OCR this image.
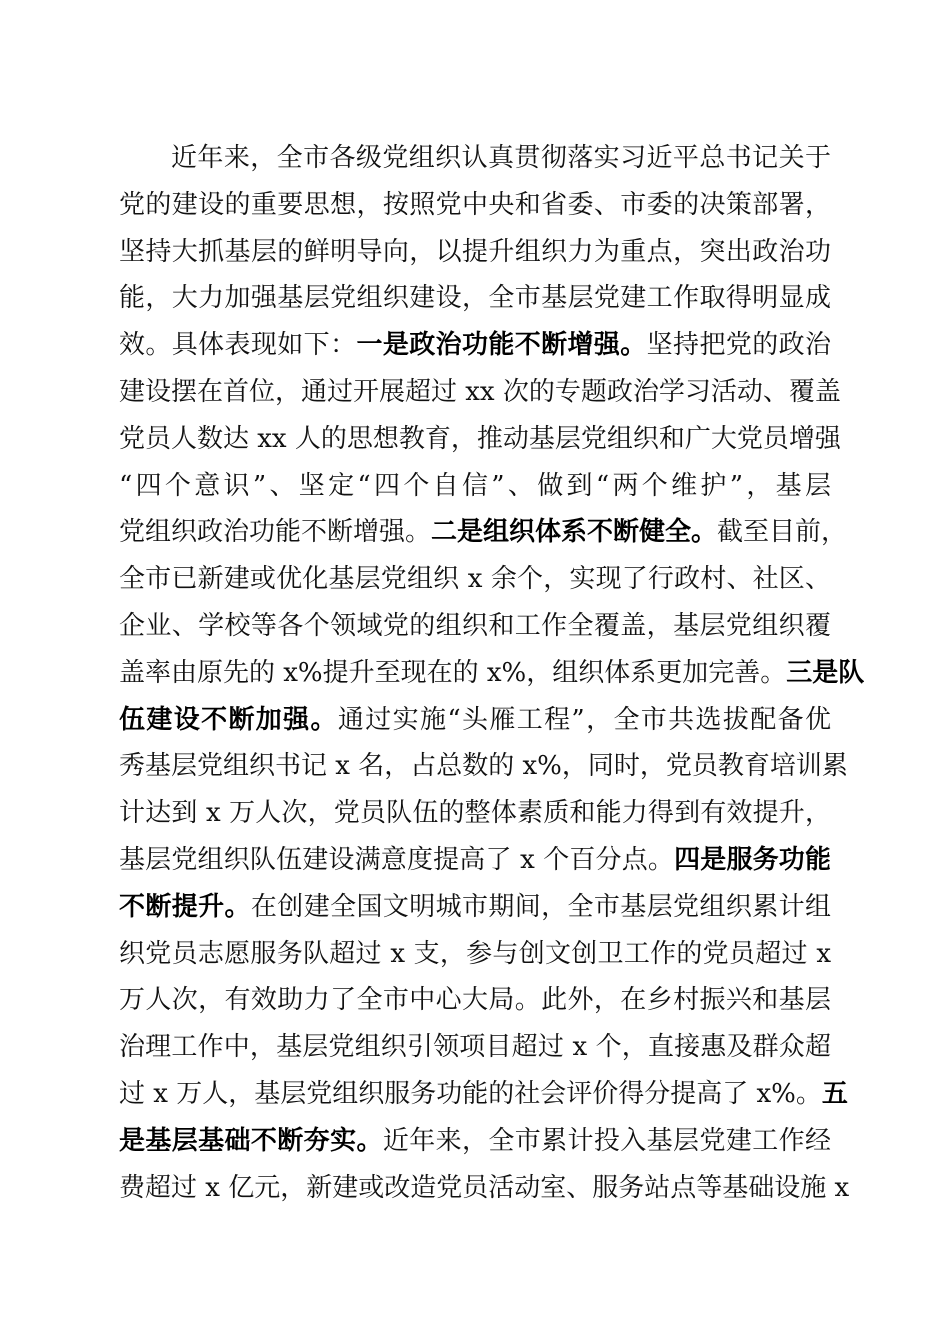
近年来，全市各级党组织认真贯彻落实习近平总书记关于
党的建设的重要思想，按照党中央和省委、市委的决策部署，
坚持大抓基层的鲜明导向，以提升组织力为重点，突出政治功
能，大力加强基层党组织建设，全市基层党建工作取得明显成
效。具体表现如下：一是政治功能不断增强。坚持把党的政治
建设摆在首位，通过开展超过 xx 次的专题政治学习活动、覆盖
党员人数达 xx 人的思想教育，推动基层党组织和广大党员增强
“四个意识”、坚定“四个自信”、做到“两个维护”，基层
党组织政治功能不断增强。二是组织体系不断健全。截至目前，
全市已新建或优化基层党组织 x 余个，实现了行政村、社区、
企业、学校等各个领域党的组织和工作全覆盖，基层党组织覆
盖率由原先的 x%提升至现在的 x%，组织体系更加完善。三是队
伍建设不断加强。通过实施“头雁工程”，全市共选拔配备优
秀基层党组织书记 x 名，占总数的 x%，同时，党员教育培训累
计达到 x 万人次，党员队伍的整体素质和能力得到有效提升，
基层党组织队伍建设满意度提高了 x 个百分点。四是服务功能
不断提升。在创建全国文明城市期间，全市基层党组织累计组
织党员志愿服务队超过 x 支，参与创文创卫工作的党员超过 x
万人次，有效助力了全市中心大局。此外，在乡村振兴和基层
治理工作中，基层党组织引领项目超过 x 个，直接惠及群众超
过 x 万人，基层党组织服务功能的社会评价得分提高了 x%。五
是基层基础不断夯实。近年来，全市累计投入基层党建工作经
费超过 x 亿元，新建或改造党员活动室、服务站点等基础设施 x
